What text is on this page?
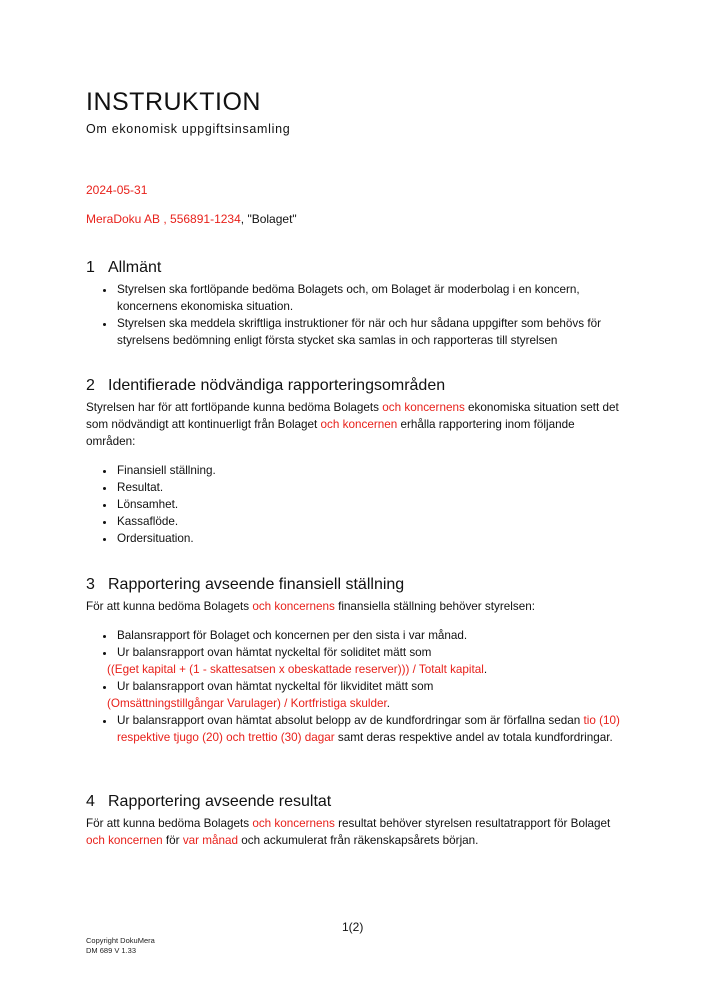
INSTRUKTION
Om ekonomisk uppgiftsinsamling
2024-05-31
MeraDoku AB , 556891-1234, "Bolaget"
1 Allmänt
• Styrelsen ska fortlöpande bedöma Bolagets och, om Bolaget är moderbolag i en koncern, koncernens ekonomiska situation.
• Styrelsen ska meddela skriftliga instruktioner för när och hur sådana uppgifter som behövs för styrelsens bedömning enligt första stycket ska samlas in och rapporteras till styrelsen
2 Identifierade nödvändiga rapporteringsområden

Styrelsen har för att fortlöpande kunna bedöma Bolagets och koncernens ekonomiska situation sett det som nödvändigt att kontinuerligt från Bolaget och koncernen erhålla rapportering inom följande områden:

• Finansiell ställning.
• Resultat.
• Lönsamhet.
• Kassaflöde.
• Ordersituation.
3 Rapportering avseende finansiell ställning

För att kunna bedöma Bolagets och koncernens finansiella ställning behöver styrelsen:

• Balansrapport för Bolaget och koncernen per den sista i var månad.
• Ur balansrapport ovan hämtat nyckeltal för soliditet mätt som
((Eget kapital + (1 - skattesatsen x obeskattade reserver))) / Totalt kapital.
• Ur balansrapport ovan hämtat nyckeltal för likviditet mätt som
(Omsättningstillgångar Varulager) / Kortfristiga skulder.
• Ur balansrapport ovan hämtat absolut belopp av de kundfordringar som är förfallna sedan tio (10) respektive tjugo (20) och trettio (30) dagar samt deras respektive andel av totala kundfordringar.
4 Rapportering avseende resultat

För att kunna bedöma Bolagets och koncernens resultat behöver styrelsen resultatrapport för Bolaget och koncernen för var månad och ackumulerat från räkenskapsårets början.

1(2)
Copyright DokuMera
DM 689 V 1.33
